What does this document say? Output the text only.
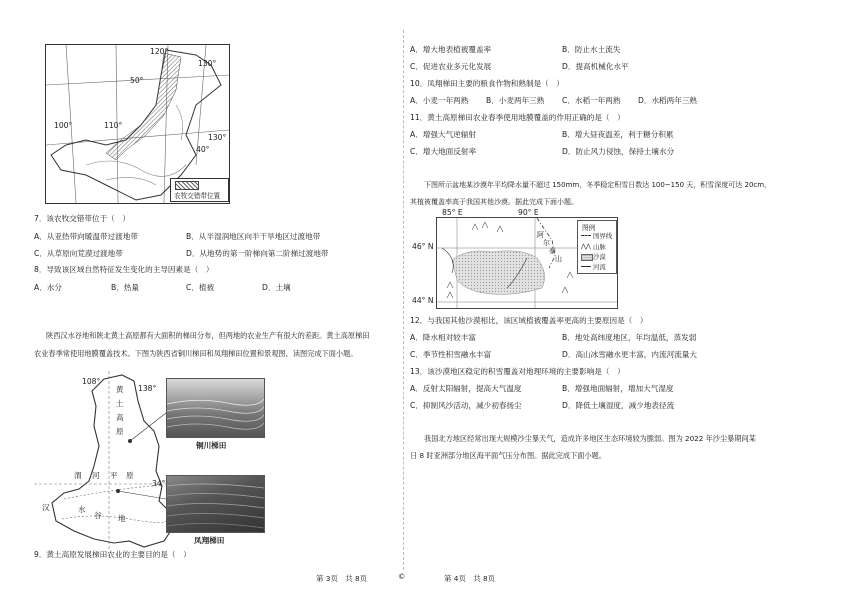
120°
50°
130°
100°	110°
130°
40°
农牧交错带位置
7．该农牧交错带位于（　）
A．从亚热带向暖温带过渡地带	B．从半湿润地区向半干旱地区过渡地带
C．从草原向荒漠过渡地带	D．从地势的第一阶梯向第二阶梯过渡地带
8．导致该区域自然特征发生变化的主导因素是（　）
A．水分	B．热量	C．植被	D．土壤
陕西汉水谷地和陕北黄土高原都有大面积的梯田分布，但两地的农业生产有很大的差距。黄土高原梯田
农业春季常使用地膜覆盖技术。下图为陕西省铜川梯田和凤翔梯田位置和景观图，读图完成下面小题。
108°
黄
土
高
原
138°
渭 河 平 原
34°
汉	水
谷 地
铜川梯田
凤翔梯田
9．黄土高原发展梯田农业的主要目的是（　）
A．增大地表植被覆盖率	B．防止水土流失
C．促进农业多元化发展	D．提高机械化水平
10．凤翔梯田主要的粮食作物和熟制是（　）
A．小麦一年两熟 B．小麦两年三熟 C．水稻一年两熟 D．水稻两年三熟
11．黄土高原梯田农业春季使用地膜覆盖的作用正确的是（　）
A．增强大气逆辐射	B．增大昼夜温差，利于糖分积累
C．增大地面反射率	D．防止风力侵蚀，保持土壤水分
下图所示盆地某沙漠年平均降水量不超过 150mm，冬季稳定积雪日数达 100~150 天，积雪深度可达 20cm，
其植被覆盖率高于我国其他沙漠。据此完成下面小题。
85° E	90° E
46° N
44° N
阿
尔
泰
山
图例
国界线
⋀⋀ 山脉
沙漠
河流
12．与我国其他沙漠相比，该区域植被覆盖率更高的主要原因是（　）
A．降水相对较丰富	B．地处高纬度地区，年均温低，蒸发弱
C．季节性积雪融水丰富	D．高山冰雪融水更丰富，内流河流量大
13．该沙漠地区稳定的积雪覆盖对地理环境的主要影响是（　）
A．反射太阳辐射，提高大气温度	B．增强地面辐射，增加大气湿度
C．抑制风沙活动，减少初春扬尘	D．降低土壤湿度，减少地表径流
我国北方地区经常出现大规模沙尘暴天气，造成许多地区生态环境较为脆弱。图为 2022 年沙尘暴期间某
日 8 时亚洲部分地区海平面气压分布图。据此完成下面小题。
第 3页　共 8页	©	第 4页　共 8页
